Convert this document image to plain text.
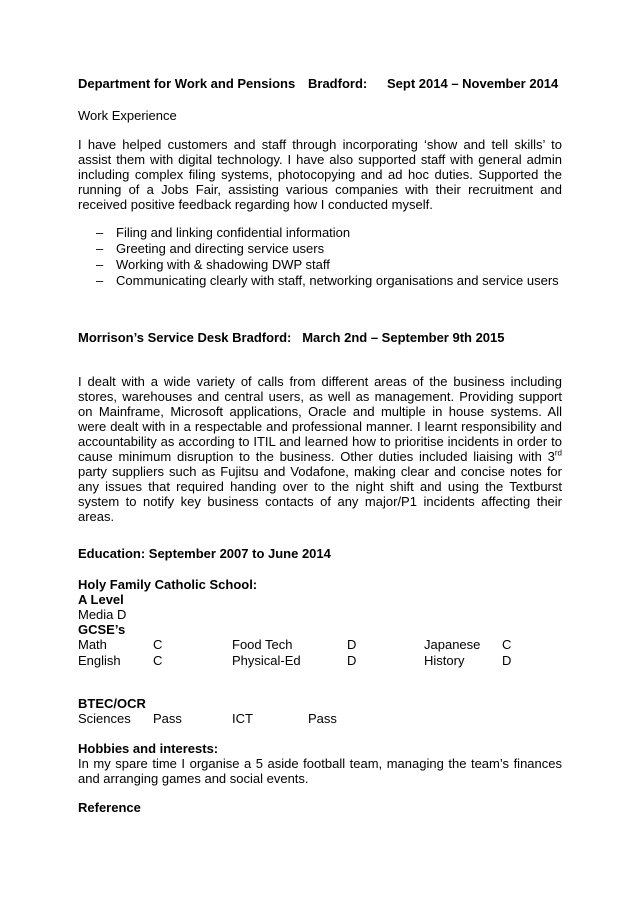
Department for Work and Pensions Bradford: Sept 2014 – November 2014

Work Experience

I have helped customers and staff through incorporating ‘show and tell skills’ to assist them with digital technology. I have also supported staff with general admin including complex filing systems, photocopying and ad hoc duties. Supported the running of a Jobs Fair, assisting various companies with their recruitment and received positive feedback regarding how I conducted myself.

– Filing and linking confidential information
– Greeting and directing service users
– Working with & shadowing DWP staff
– Communicating clearly with staff, networking organisations and service users

Morrison’s Service Desk Bradford:   March 2nd – September 9th 2015

I dealt with a wide variety of calls from different areas of the business including stores, warehouses and central users, as well as management. Providing support on Mainframe, Microsoft applications, Oracle and multiple in house systems. All were dealt with in a respectable and professional manner. I learnt responsibility and accountability as according to ITIL and learned how to prioritise incidents in order to cause minimum disruption to the business. Other duties included liaising with 3rd party suppliers such as Fujitsu and Vodafone, making clear and concise notes for any issues that required handing over to the night shift and using the Textburst system to notify key business contacts of any major/P1 incidents affecting their areas.

Education: September 2007 to June 2014

Holy Family Catholic School:

A Level

Media D

GCSE’s

Math	C	Food Tech	D	Japanese C
English C	Physical-Ed	D	History	D

BTEC/OCR

Sciences Pass	ICT	Pass

Hobbies and interests:

In my spare time I organise a 5 aside football team, managing the team’s finances and arranging games and social events.

Reference
